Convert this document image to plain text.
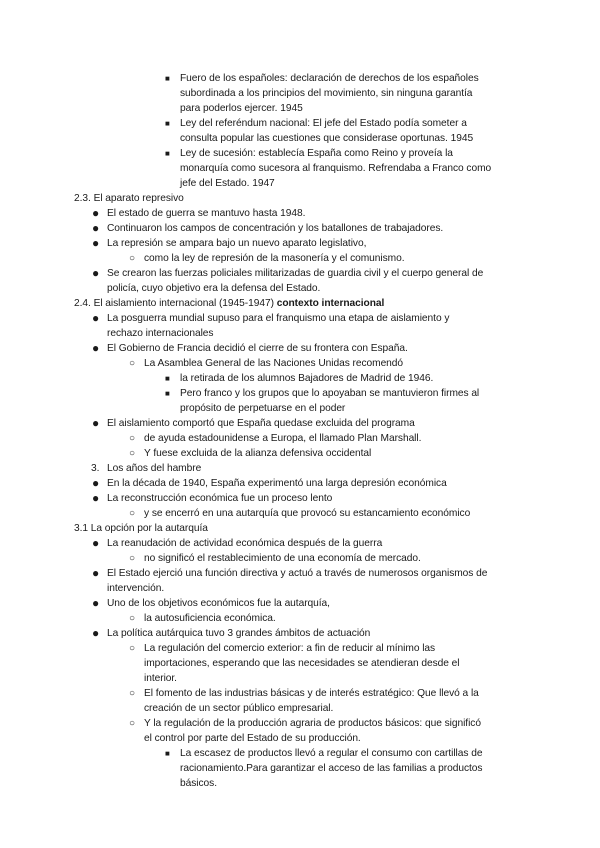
■ Fuero de los españoles: declaración de derechos de los españoles
subordinada a los principios del movimiento, sin ninguna garantía
para poderlos ejercer. 1945
■ Ley del referéndum nacional: El jefe del Estado podía someter a
consulta popular las cuestiones que considerase oportunas. 1945
■ Ley de sucesión: establecía España como Reino y proveía la
monarquía como sucesora al franquismo. Refrendaba a Franco como
jefe del Estado. 1947
2.3. El aparato represivo
● El estado de guerra se mantuvo hasta 1948.
● Continuaron los campos de concentración y los batallones de trabajadores.
● La represión se ampara bajo un nuevo aparato legislativo,
○ como la ley de represión de la masonería y el comunismo.
● Se crearon las fuerzas policiales militarizadas de guardia civil y el cuerpo general de
policía, cuyo objetivo era la defensa del Estado.
2.4. El aislamiento internacional (1945-1947) contexto internacional
● La posguerra mundial supuso para el franquismo una etapa de aislamiento y
rechazo internacionales
● El Gobierno de Francia decidió el cierre de su frontera con España.
○ La Asamblea General de las Naciones Unidas recomendó
■ la retirada de los alumnos Bajadores de Madrid de 1946.
■ Pero franco y los grupos que lo apoyaban se mantuvieron firmes al
propósito de perpetuarse en el poder
● El aislamiento comportó que España quedase excluida del programa
○ de ayuda estadounidense a Europa, el llamado Plan Marshall.
○ Y fuese excluida de la alianza defensiva occidental
3. Los años del hambre
● En la década de 1940, España experimentó una larga depresión económica
● La reconstrucción económica fue un proceso lento
○ y se encerró en una autarquía que provocó su estancamiento económico
3.1 La opción por la autarquía
● La reanudación de actividad económica después de la guerra
○ no significó el restablecimiento de una economía de mercado.
● El Estado ejerció una función directiva y actuó a través de numerosos organismos de
intervención.
● Uno de los objetivos económicos fue la autarquía,
○ la autosuficiencia económica.
● La política autárquica tuvo 3 grandes ámbitos de actuación
○ La regulación del comercio exterior: a fin de reducir al mínimo las
importaciones, esperando que las necesidades se atendieran desde el
interior.
○ El fomento de las industrias básicas y de interés estratégico: Que llevó a la
creación de un sector público empresarial.
○ Y la regulación de la producción agraria de productos básicos: que significó
el control por parte del Estado de su producción.
■ La escasez de productos llevó a regular el consumo con cartillas de
racionamiento.Para garantizar el acceso de las familias a productos
básicos.
